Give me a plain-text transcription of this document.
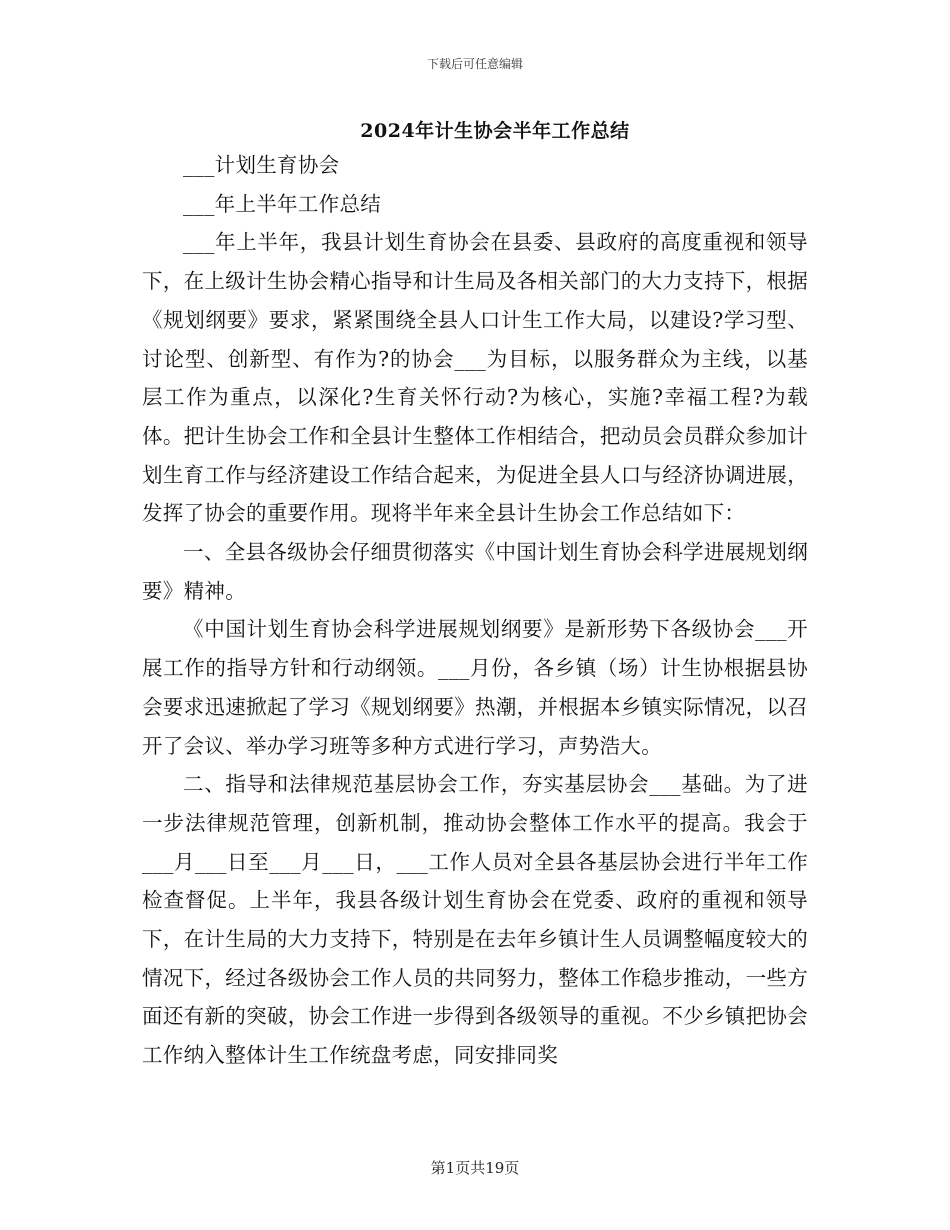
下载后可任意编辑
2024年计生协会半年工作总结

___计划生育协会

___年上半年工作总结

___年上半年，我县计划生育协会在县委、县政府的高度重视和领导下，在上级计生协会精心指导和计生局及各相关部门的大力支持下，根据《规划纲要》要求，紧紧围绕全县人口计生工作大局，以建设?学习型、讨论型、创新型、有作为?的协会___为目标，以服务群众为主线，以基层工作为重点，以深化?生育关怀行动?为核心，实施?幸福工程?为载体。把计生协会工作和全县计生整体工作相结合，把动员会员群众参加计划生育工作与经济建设工作结合起来，为促进全县人口与经济协调进展，发挥了协会的重要作用。现将半年来全县计生协会工作总结如下：

一、全县各级协会仔细贯彻落实《中国计划生育协会科学进展规划纲要》精神。

《中国计划生育协会科学进展规划纲要》是新形势下各级协会___开展工作的指导方针和行动纲领。___月份，各乡镇（场）计生协根据县协会要求迅速掀起了学习《规划纲要》热潮，并根据本乡镇实际情况，以召开了会议、举办学习班等多种方式进行学习，声势浩大。

二、指导和法律规范基层协会工作，夯实基层协会___基础。为了进一步法律规范管理，创新机制，推动协会整体工作水平的提高。我会于___月___日至___月___日，___工作人员对全县各基层协会进行半年工作检查督促。上半年，我县各级计划生育协会在党委、政府的重视和领导下，在计生局的大力支持下，特别是在去年乡镇计生人员调整幅度较大的情况下，经过各级协会工作人员的共同努力，整体工作稳步推动，一些方面还有新的突破，协会工作进一步得到各级领导的重视。不少乡镇把协会工作纳入整体计生工作统盘考虑，同安排同奖

第1页共19页
